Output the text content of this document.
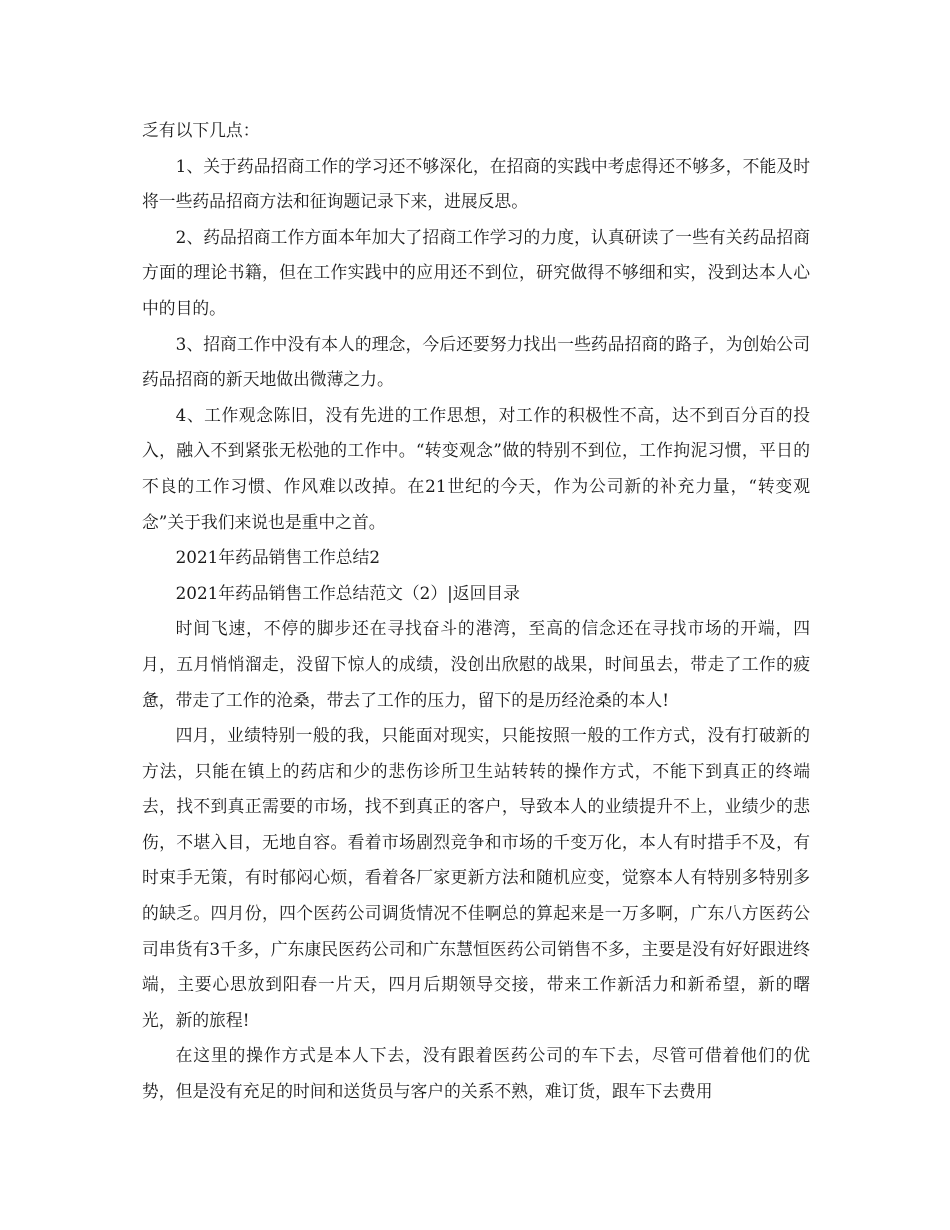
乏有以下几点：

1、关于药品招商工作的学习还不够深化，在招商的实践中考虑得还不够多，不能及时将一些药品招商方法和征询题记录下来，进展反思。

2、药品招商工作方面本年加大了招商工作学习的力度，认真研读了一些有关药品招商方面的理论书籍，但在工作实践中的应用还不到位，研究做得不够细和实，没到达本人心中的目的。

3、招商工作中没有本人的理念，今后还要努力找出一些药品招商的路子，为创始公司药品招商的新天地做出微薄之力。

4、工作观念陈旧，没有先进的工作思想，对工作的积极性不高，达不到百分百的投入，融入不到紧张无松弛的工作中。“转变观念”做的特别不到位，工作拘泥习惯，平日的不良的工作习惯、作风难以改掉。在21世纪的今天，作为公司新的补充力量，“转变观念”关于我们来说也是重中之首。

2021年药品销售工作总结2

2021年药品销售工作总结范文（2）|返回目录

时间飞速，不停的脚步还在寻找奋斗的港湾，至高的信念还在寻找市场的开端，四月，五月悄悄溜走，没留下惊人的成绩，没创出欣慰的战果，时间虽去，带走了工作的疲惫，带走了工作的沧桑，带去了工作的压力，留下的是历经沧桑的本人!

四月，业绩特别一般的我，只能面对现实，只能按照一般的工作方式，没有打破新的方法，只能在镇上的药店和少的悲伤诊所卫生站转转的操作方式，不能下到真正的终端去，找不到真正需要的市场，找不到真正的客户，导致本人的业绩提升不上，业绩少的悲伤，不堪入目，无地自容。看着市场剧烈竞争和市场的千变万化，本人有时措手不及，有时束手无策，有时郁闷心烦，看着各厂家更新方法和随机应变，觉察本人有特别多特别多的缺乏。四月份，四个医药公司调货情况不佳啊总的算起来是一万多啊，广东八方医药公司串货有3千多，广东康民医药公司和广东慧恒医药公司销售不多，主要是没有好好跟进终端，主要心思放到阳春一片天，四月后期领导交接，带来工作新活力和新希望，新的曙光，新的旅程!

在这里的操作方式是本人下去，没有跟着医药公司的车下去，尽管可借着他们的优势，但是没有充足的时间和送货员与客户的关系不熟，难订货，跟车下去费用
